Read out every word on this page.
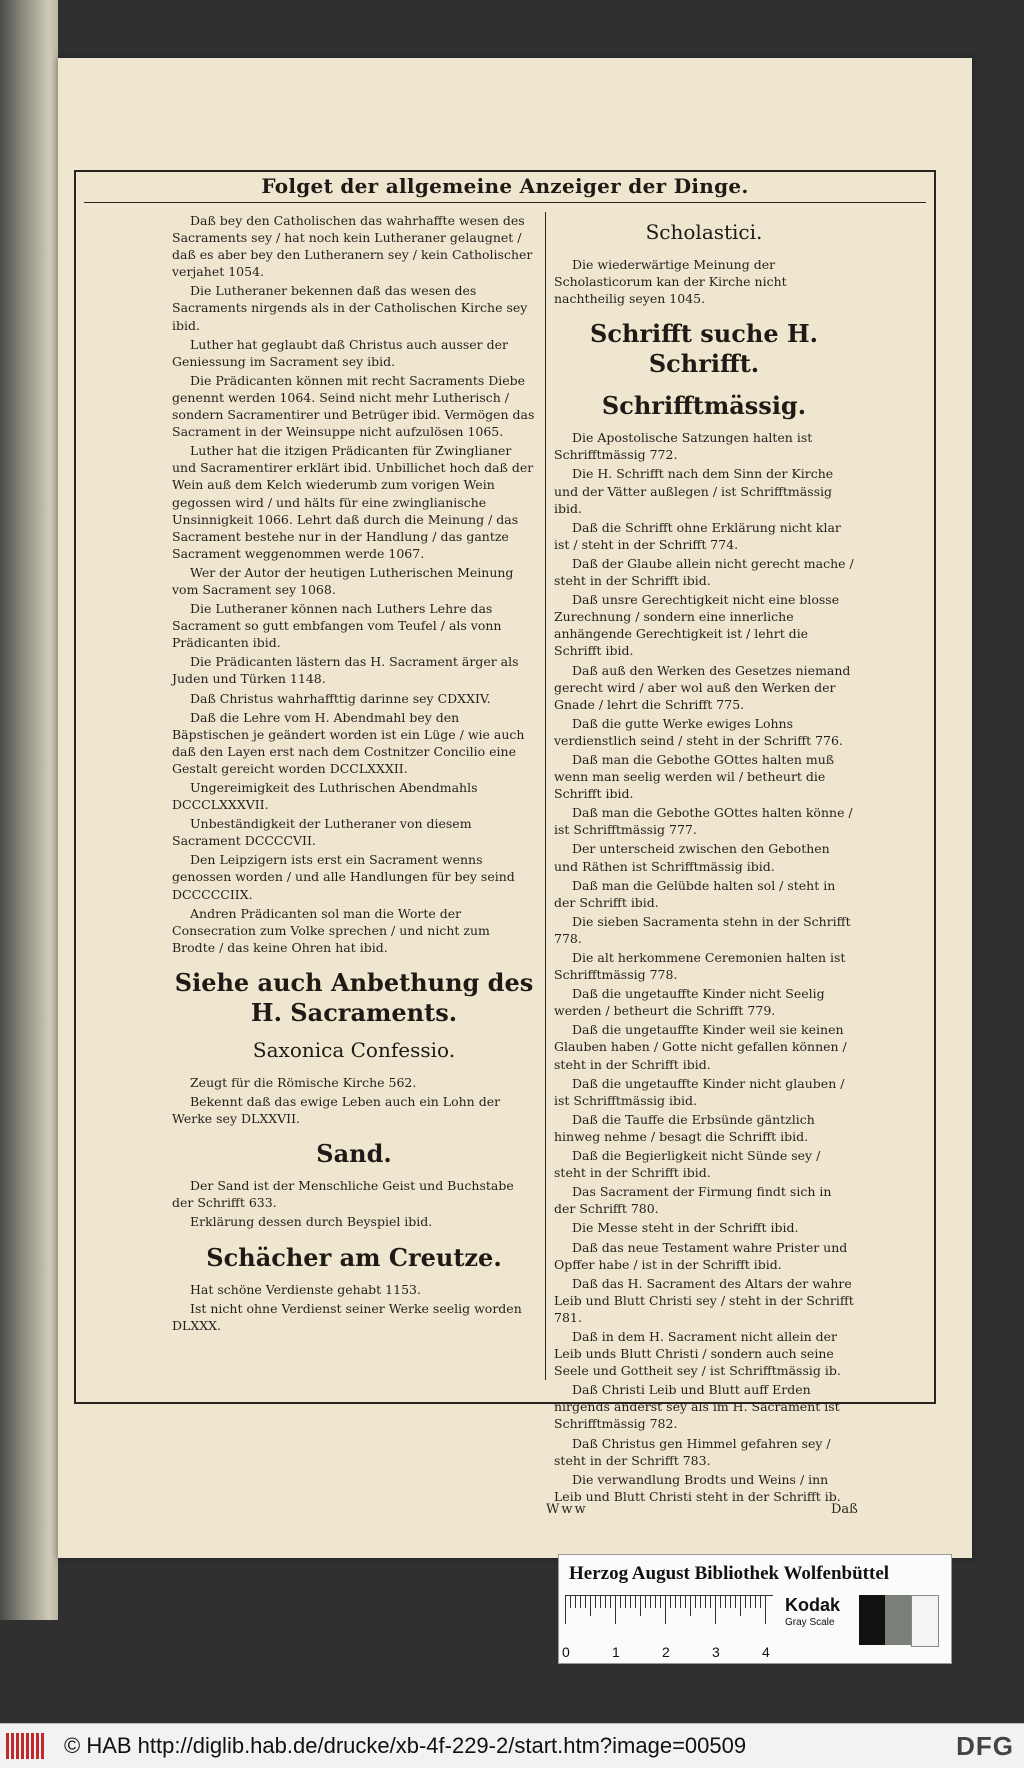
Folget der allgemeine Anzeiger der Dinge.

Daß bey den Catholischen das wahrhaffte wesen des Sacraments sey / hat noch kein Lutheraner gelaugnet / daß es aber bey den Lutheranern sey / kein Catholischer verjahet 1054.

Die Lutheraner bekennen daß das wesen des Sacraments nirgends als in der Catholischen Kirche sey ibid.

Luther hat geglaubt daß Christus auch ausser der Geniessung im Sacrament sey ibid.

Die Prädicanten können mit recht Sacraments Diebe genennt werden 1064. Seind nicht mehr Lutherisch / sondern Sacramentirer und Betrüger ibid. Vermögen das Sacrament in der Weinsuppe nicht aufzulösen 1065.

Luther hat die itzigen Prädicanten für Zwinglianer und Sacramentirer erklärt ibid. Unbillichet hoch daß der Wein auß dem Kelch wiederumb zum vorigen Wein gegossen wird / und hälts für eine zwinglianische Unsinnigkeit 1066. Lehrt daß durch die Meinung / das Sacrament bestehe nur in der Handlung / das gantze Sacrament weggenommen werde 1067.

Wer der Autor der heutigen Lutherischen Meinung vom Sacrament sey 1068.

Die Lutheraner können nach Luthers Lehre das Sacrament so gutt embfangen vom Teufel / als vonn Prädicanten ibid.

Die Prädicanten lästern das H. Sacrament ärger als Juden und Türken 1148.

Daß Christus wahrhaffttig darinne sey CDXXIV.

Daß die Lehre vom H. Abendmahl bey den Bäpstischen je geändert worden ist ein Lüge / wie auch daß den Layen erst nach dem Costnitzer Concilio eine Gestalt gereicht worden DCCLXXXII.

Ungereimigkeit des Luthrischen Abendmahls DCCCLXXXVII.

Unbeständigkeit der Lutheraner von diesem Sacrament DCCCCVII.

Den Leipzigern ists erst ein Sacrament wenns genossen worden / und alle Handlungen für bey seind DCCCCCIIX.

Andren Prädicanten sol man die Worte der Consecration zum Volke sprechen / und nicht zum Brodte / das keine Ohren hat ibid.

Siehe auch Anbethung des H. Sacraments.
Saxonica Confessio.

Zeugt für die Römische Kirche 562.

Bekennt daß das ewige Leben auch ein Lohn der Werke sey DLXXVII.

Sand.

Der Sand ist der Menschliche Geist und Buchstabe der Schrifft 633.

Erklärung dessen durch Beyspiel ibid.

Schächer am Creutze.

Hat schöne Verdienste gehabt 1153.

Ist nicht ohne Verdienst seiner Werke seelig worden DLXXX.

Scholastici.

Die wiederwärtige Meinung der Scholasticorum kan der Kirche nicht nachtheilig seyen 1045.

Schrifft suche H. Schrifft.
Schrifftmässig.

Die Apostolische Satzungen halten ist Schrifftmässig 772.

Die H. Schrifft nach dem Sinn der Kirche und der Vätter außlegen / ist Schrifftmässig ibid.

Daß die Schrifft ohne Erklärung nicht klar ist / steht in der Schrifft 774.

Daß der Glaube allein nicht gerecht mache / steht in der Schrifft ibid.

Daß unsre Gerechtigkeit nicht eine blosse Zurechnung / sondern eine innerliche anhängende Gerechtigkeit ist / lehrt die Schrifft ibid.

Daß auß den Werken des Gesetzes niemand gerecht wird / aber wol auß den Werken der Gnade / lehrt die Schrifft 775.

Daß die gutte Werke ewiges Lohns verdienstlich seind / steht in der Schrifft 776.

Daß man die Gebothe GOttes halten muß wenn man seelig werden wil / betheurt die Schrifft ibid.

Daß man die Gebothe GOttes halten könne / ist Schrifftmässig 777.

Der unterscheid zwischen den Gebothen und Räthen ist Schrifftmässig ibid.

Daß man die Gelübde halten sol / steht in der Schrifft ibid.

Die sieben Sacramenta stehn in der Schrifft 778.

Die alt herkommene Ceremonien halten ist Schrifftmässig 778.

Daß die ungetauffte Kinder nicht Seelig werden / betheurt die Schrifft 779.

Daß die ungetauffte Kinder weil sie keinen Glauben haben / Gotte nicht gefallen können / steht in der Schrifft ibid.

Daß die ungetauffte Kinder nicht glauben / ist Schrifftmässig ibid.

Daß die Tauffe die Erbsünde gäntzlich hinweg nehme / besagt die Schrifft ibid.

Daß die Begierligkeit nicht Sünde sey / steht in der Schrifft ibid.

Das Sacrament der Firmung findt sich in der Schrifft 780.

Die Messe steht in der Schrifft ibid.

Daß das neue Testament wahre Prister und Opffer habe / ist in der Schrifft ibid.

Daß das H. Sacrament des Altars der wahre Leib und Blutt Christi sey / steht in der Schrifft 781.

Daß in dem H. Sacrament nicht allein der Leib unds Blutt Christi / sondern auch seine Seele und Gottheit sey / ist Schrifftmässig ib.

Daß Christi Leib und Blutt auff Erden nirgends anderst sey als im H. Sacrament ist Schrifftmässig 782.

Daß Christus gen Himmel gefahren sey / steht in der Schrifft 783.

Die verwandlung Brodts und Weins / inn Leib und Blutt Christi steht in der Schrifft ib.

Www	Daß
Herzog August Bibliothek Wolfenbüttel
0	1	2	3	4
Kodak
Gray Scale
© HAB http://diglib.hab.de/drucke/xb-4f-229-2/start.htm?image=00509	DFG
